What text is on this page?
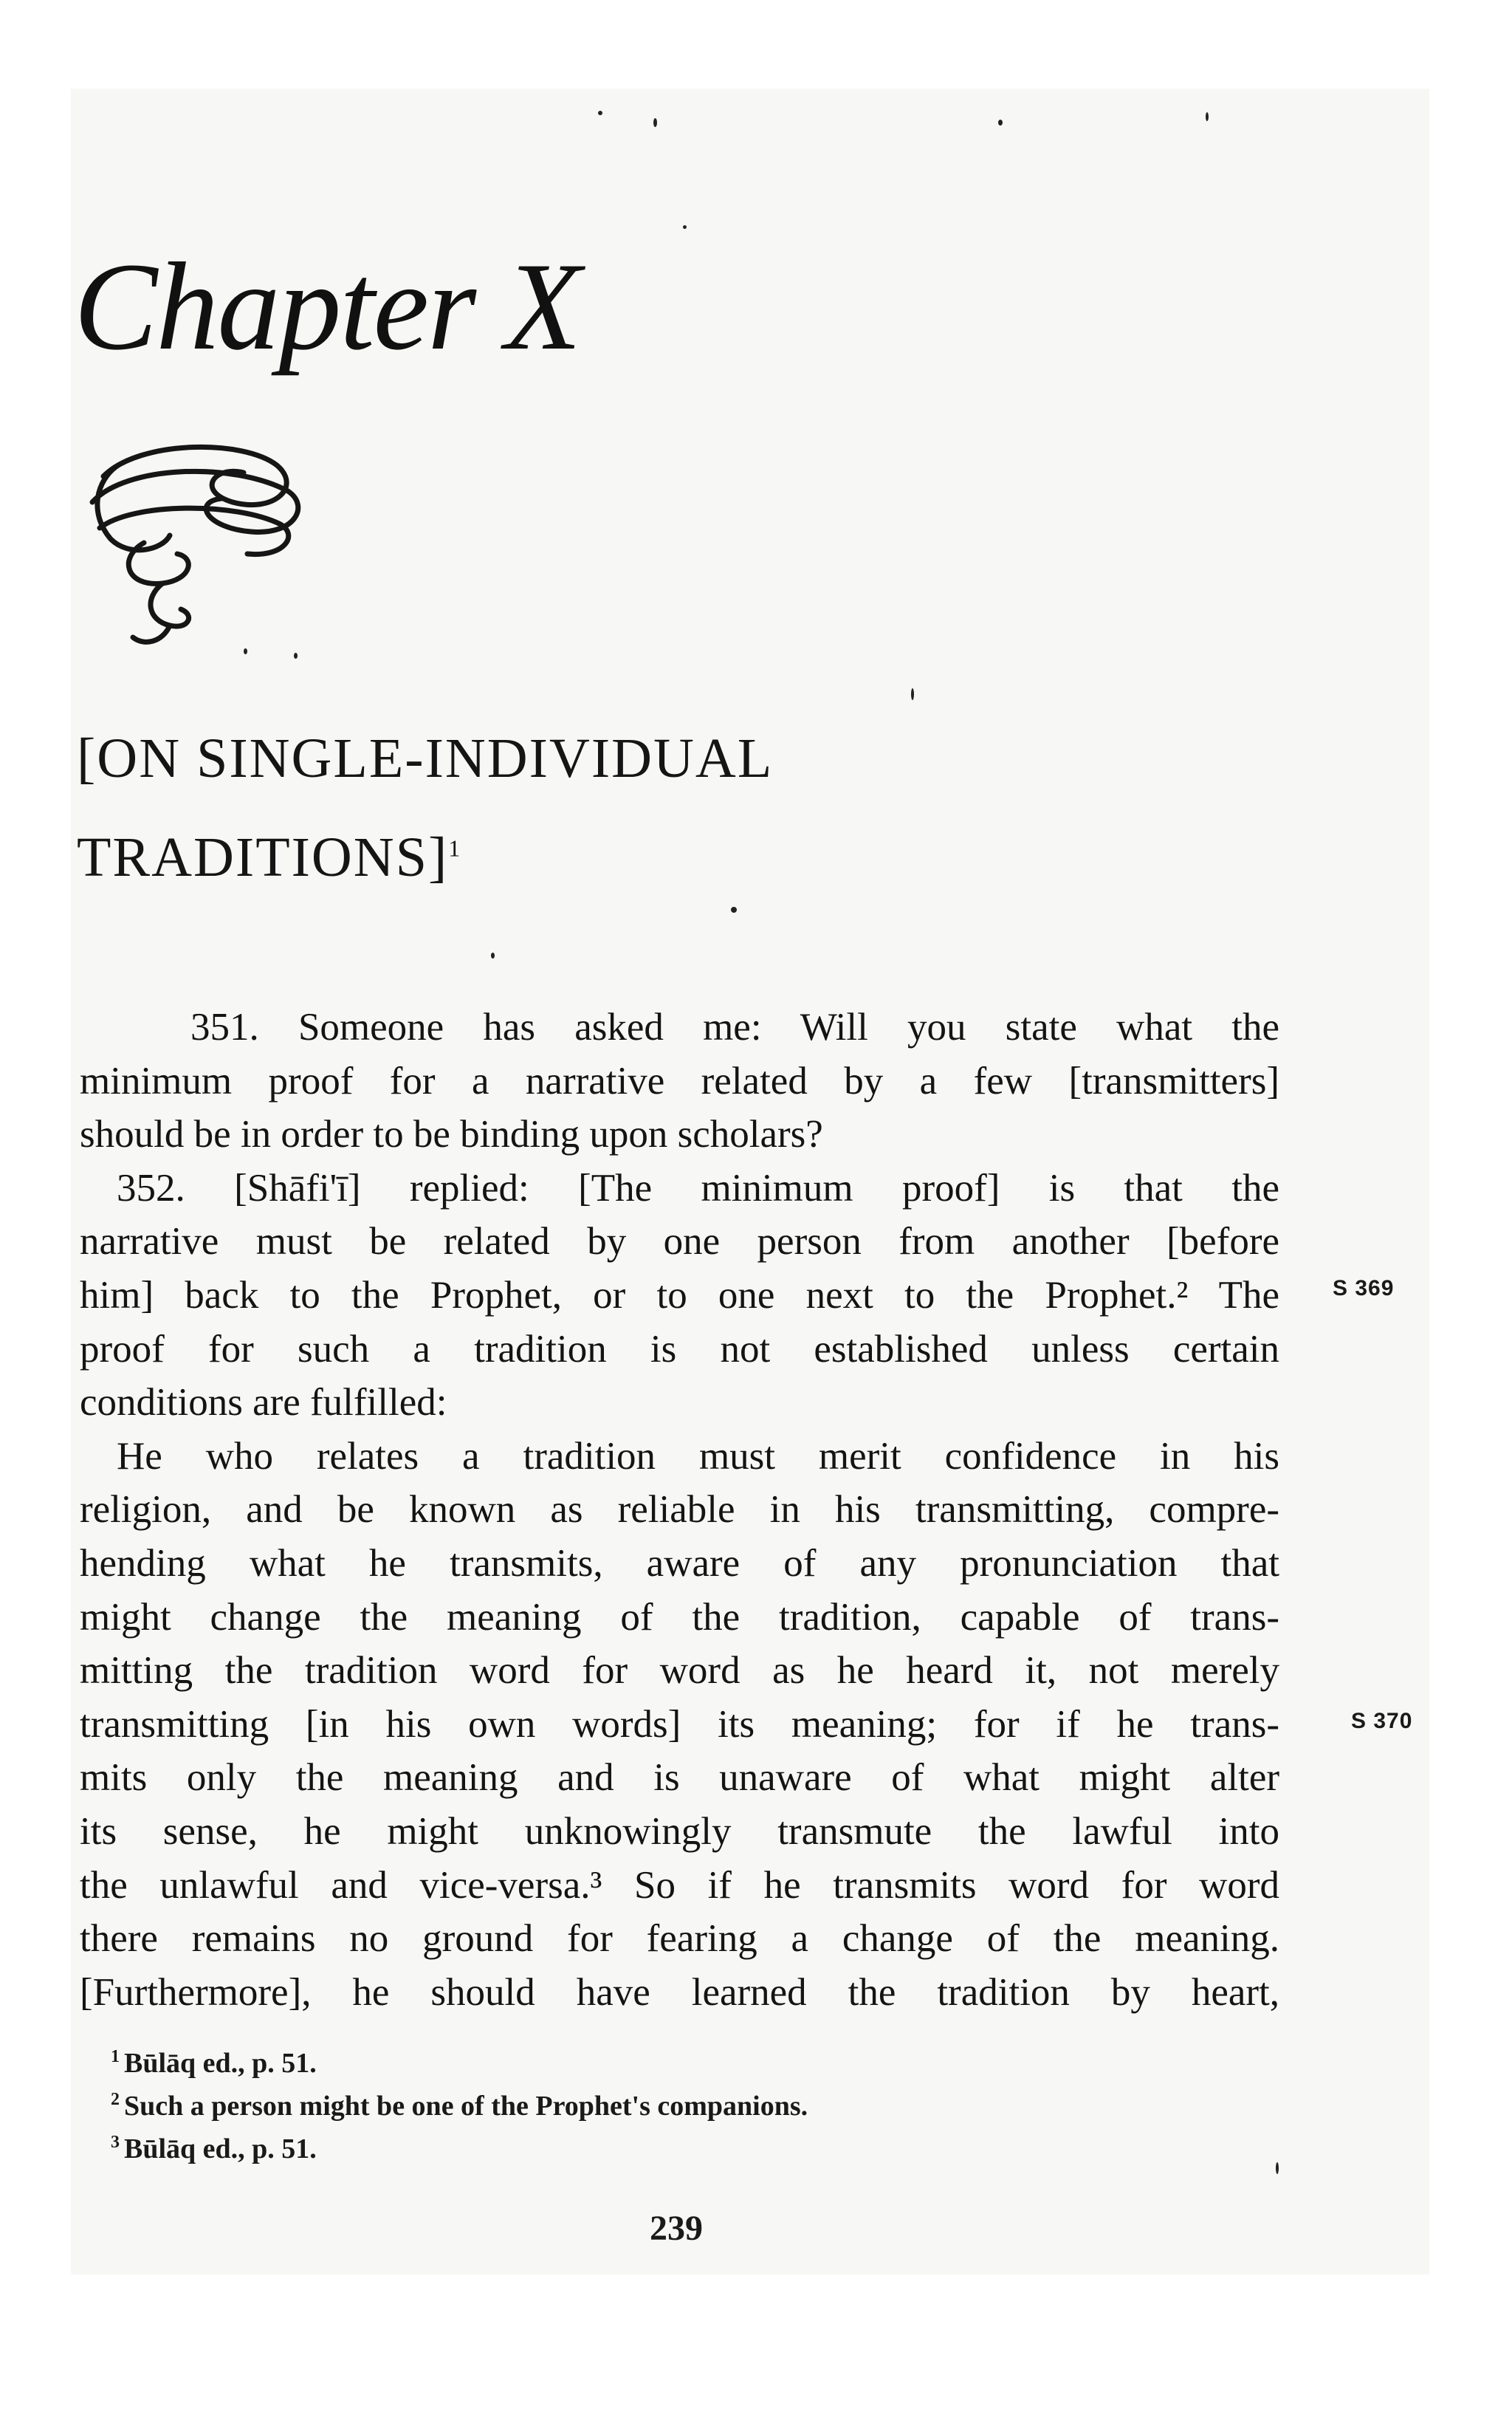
Chapter X
[ON SINGLE-INDIVIDUAL
TRADITIONS]$^1$
351. Someone has asked me: Will you state what the
minimum proof for a narrative related by a few [transmitters]
should be in order to be binding upon scholars?
352. [Shāfi'ī] replied: [The minimum proof] is that the
narrative must be related by one person from another [before
him] back to the Prophet, or to one next to the Prophet.² The
proof for such a tradition is not established unless certain
conditions are fulfilled:
He who relates a tradition must merit confidence in his
religion, and be known as reliable in his transmitting, compre-
hending what he transmits, aware of any pronunciation that
might change the meaning of the tradition, capable of trans-
mitting the tradition word for word as he heard it, not merely
transmitting [in his own words] its meaning; for if he trans-
mits only the meaning and is unaware of what might alter
its sense, he might unknowingly transmute the lawful into
the unlawful and vice-versa.³ So if he transmits word for word
there remains no ground for fearing a change of the meaning.
[Furthermore], he should have learned the tradition by heart,
S 369
S 370
$^1$ Būlāq ed., p. 51.
$^2$ Such a person might be one of the Prophet's companions.
$^3$ Būlāq ed., p. 51.
239
